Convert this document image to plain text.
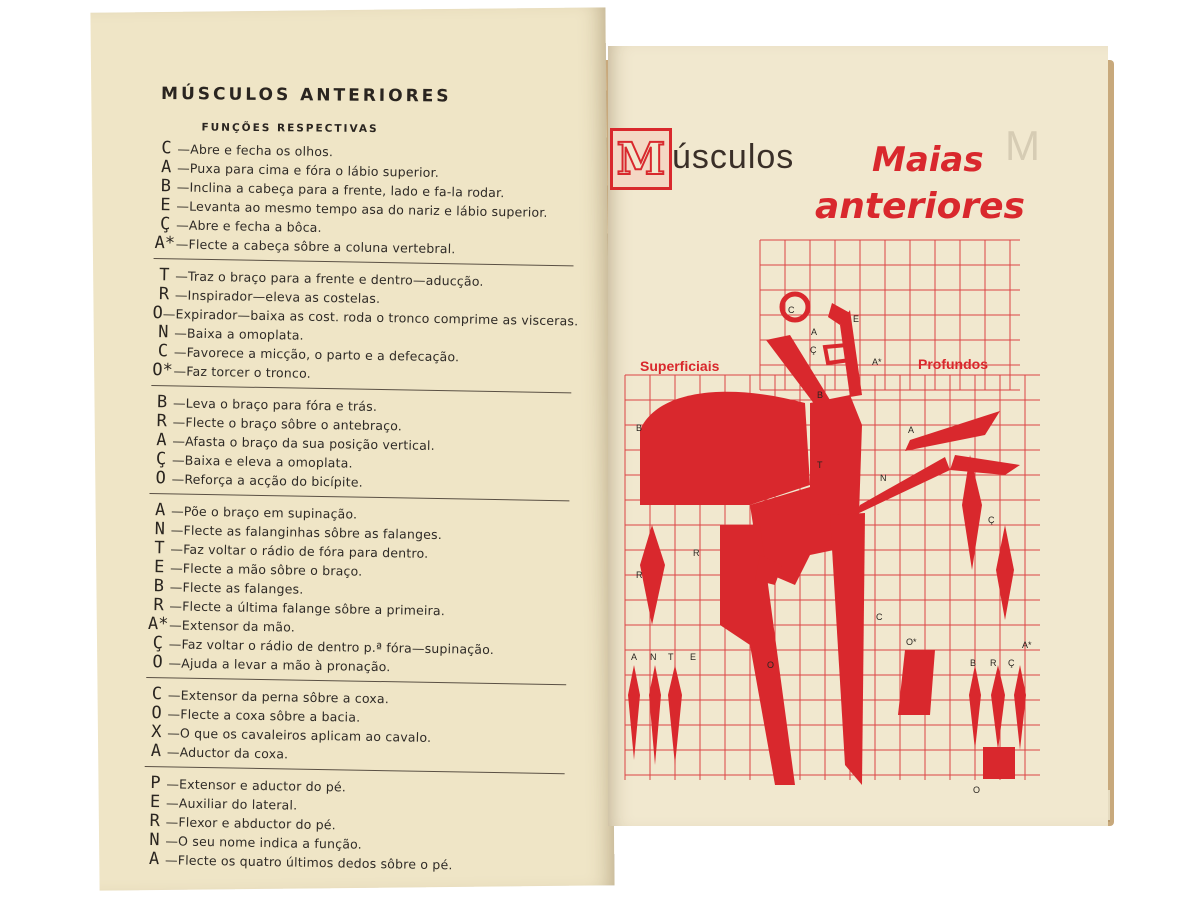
MÚSCULOS ANTERIORES
FUNÇÕES RESPECTIVAS
C —Abre e fecha os olhos.
A —Puxa para cima e fóra o lábio superior.
B —Inclina a cabeça para a frente, lado e fa-la rodar.
E —Levanta ao mesmo tempo asa do nariz e lábio superior.
Ç —Abre e fecha a bôca.
A* —Flecte a cabeça sôbre a coluna vertebral.
T —Traz o braço para a frente e dentro—aducção.
R —Inspirador—eleva as costelas.
O —Expirador—baixa as cost. roda o tronco comprime as visceras.
N —Baixa a omoplata.
C —Favorece a micção, o parto e a defecação.
O* —Faz torcer o tronco.
B —Leva o braço para fóra e trás.
R —Flecte o braço sôbre o antebraço.
A —Afasta o braço da sua posição vertical.
Ç —Baixa e eleva a omoplata.
O —Reforça a acção do bicípite.
A —Põe o braço em supinação.
N —Flecte as falanginhas sôbre as falanges.
T —Faz voltar o rádio de fóra para dentro.
E —Flecte a mão sôbre o braço.
B —Flecte as falanges.
R —Flecte a última falange sôbre a primeira.
A* —Extensor da mão.
Ç —Faz voltar o rádio de dentro p.ª fóra—supinação.
O —Ajuda a levar a mão à pronação.
C —Extensor da perna sôbre a coxa.
O —Flecte a coxa sôbre a bacia.
X —O que os cavaleiros aplicam ao cavalo.
A —Aductor da coxa.
P —Extensor e aductor do pé.
E —Auxiliar do lateral.
R —Flexor e abductor do pé.
N —O seu nome indica a função.
A —Flecte os quatro últimos dedos sôbre o pé.
M úsculos Maias
anteriores
M
Superficiais	Profundos
C
E
A
Ç
A*
B
T
B
R
R
A
N
Ç
C
O
O*	A*
A N T E
B R Ç
O
